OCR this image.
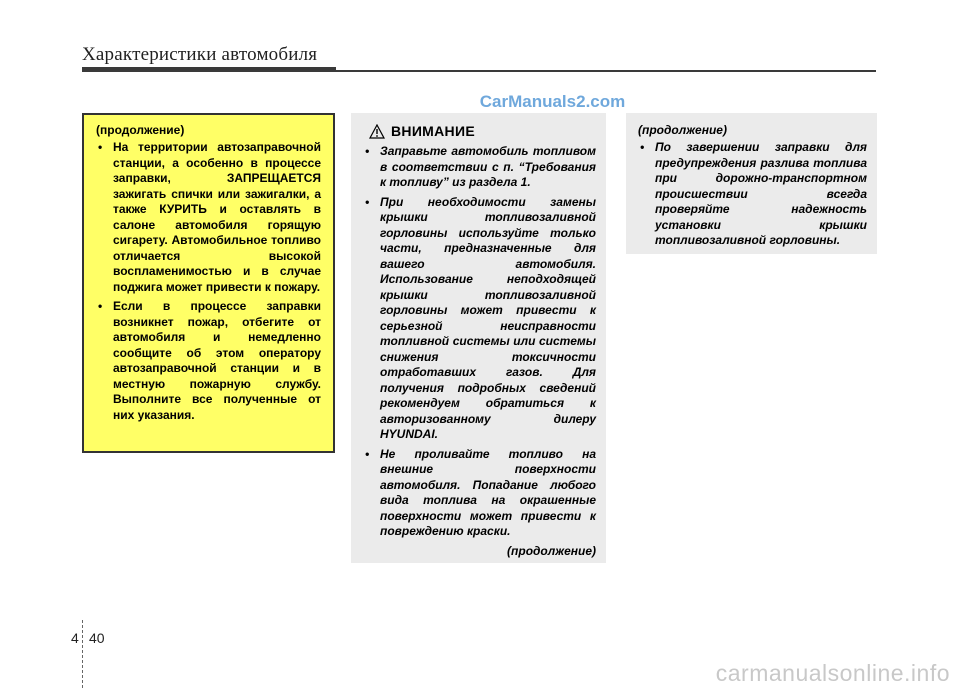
Характеристики автомобиля
CarManuals2.com
(продолжение)
• На территории автозаправочной станции, а особенно в процессе заправки, ЗАПРЕЩАЕТСЯ зажигать спички или зажигалки, а также КУРИТЬ и оставлять в салоне автомобиля горящую сигарету. Автомобильное топливо отличается высокой воспламенимостью и в случае поджига может привести к пожару.
• Если в процессе заправки возникнет пожар, отбегите от автомобиля и немедленно сообщите об этом оператору автозаправочной станции и в местную пожарную службу. Выполните все полученные от них указания.
ВНИМАНИЕ
• Заправьте автомобиль топливом в соответствии с п. “Требования к топливу” из раздела 1.
• При необходимости замены крышки топливозаливной горловины используйте только части, предназначенные для вашего автомобиля. Использование неподходящей крышки топливозаливной горловины может привести к серьезной неисправности топливной системы или системы снижения токсичности отработавших газов. Для получения подробных сведений рекомендуем обратиться к авторизованному дилеру HYUNDAI.
• Не проливайте топливо на внешние поверхности автомобиля. Попадание любого вида топлива на окрашенные поверхности может привести к повреждению краски.
(продолжение)
(продолжение)
• По завершении заправки для предупреждения разлива топлива при дорожно-транспортном происшествии всегда проверяйте надежность установки крышки топливозаливной горловины.
4 40
carmanualsonline.info
